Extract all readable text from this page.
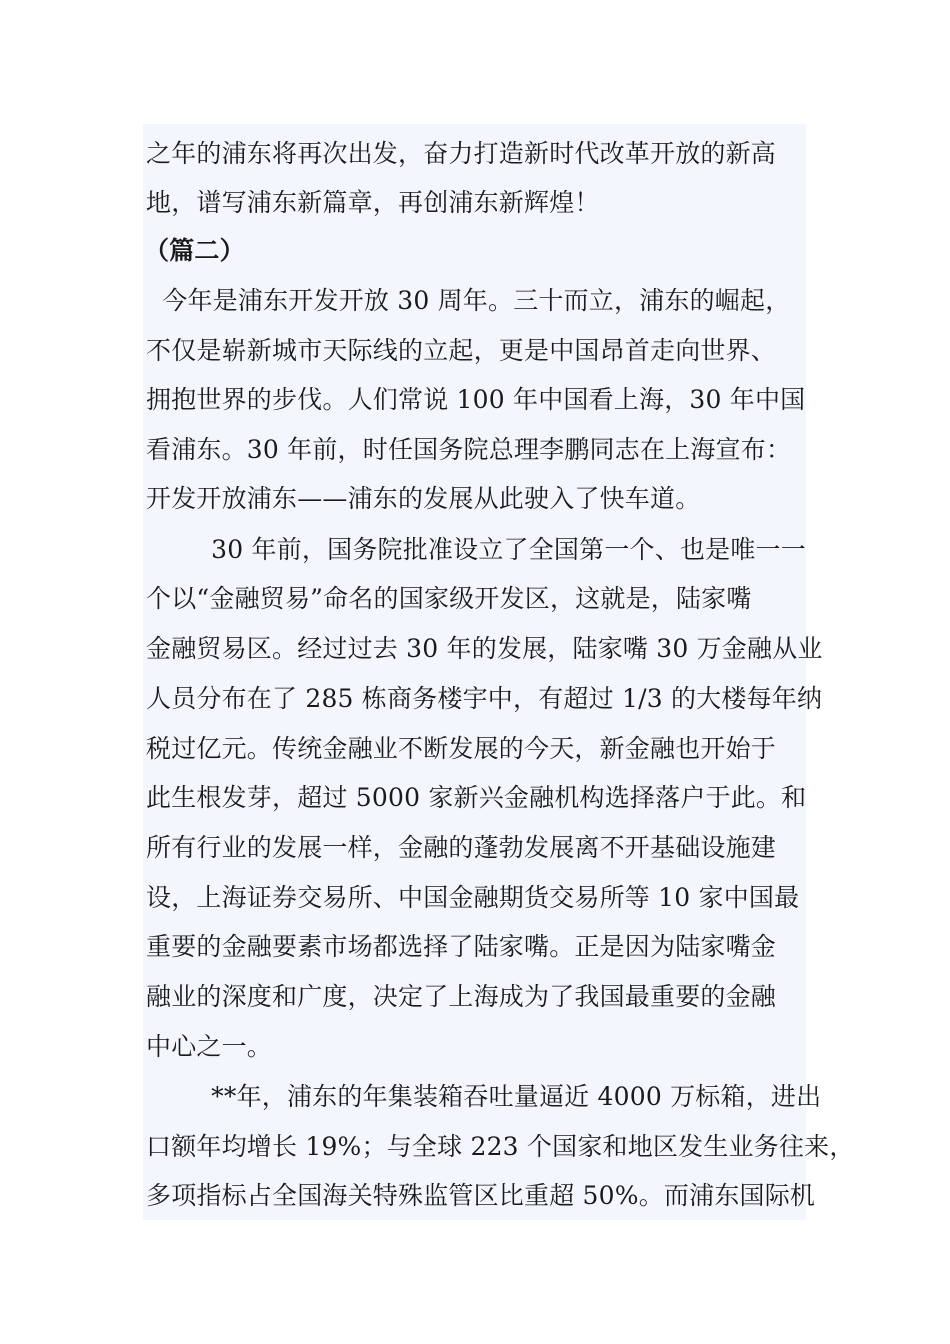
之年的浦东将再次出发，奋力打造新时代改革开放的新高
地，谱写浦东新篇章，再创浦东新辉煌！
（篇二）
今年是浦东开发开放 30 周年。三十而立，浦东的崛起，
不仅是崭新城市天际线的立起，更是中国昂首走向世界、
拥抱世界的步伐。人们常说 100 年中国看上海，30 年中国
看浦东。30 年前，时任国务院总理李鹏同志在上海宣布：
开发开放浦东——浦东的发展从此驶入了快车道。
30 年前，国务院批准设立了全国第一个、也是唯一一
个以“金融贸易”命名的国家级开发区，这就是，陆家嘴
金融贸易区。经过过去 30 年的发展，陆家嘴 30 万金融从业
人员分布在了 285 栋商务楼宇中，有超过 1/3 的大楼每年纳
税过亿元。传统金融业不断发展的今天，新金融也开始于
此生根发芽，超过 5000 家新兴金融机构选择落户于此。和
所有行业的发展一样，金融的蓬勃发展离不开基础设施建
设，上海证券交易所、中国金融期货交易所等 10 家中国最
重要的金融要素市场都选择了陆家嘴。正是因为陆家嘴金
融业的深度和广度，决定了上海成为了我国最重要的金融
中心之一。
**年，浦东的年集装箱吞吐量逼近 4000 万标箱，进出
口额年均增长 19%；与全球 223 个国家和地区发生业务往来，
多项指标占全国海关特殊监管区比重超 50%。而浦东国际机
